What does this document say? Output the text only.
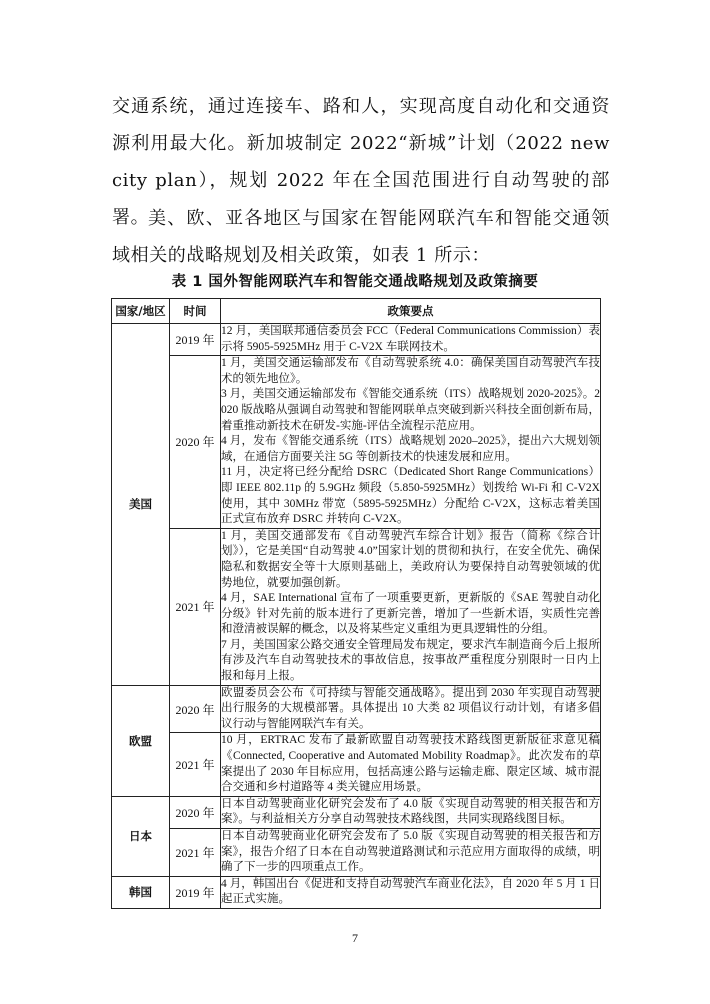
交通系统，通过连接车、路和人，实现高度自动化和交通资源利用最大化。新加坡制定 2022“新城”计划（2022 new city plan），规划 2022 年在全国范围进行自动驾驶的部署。

美、欧、亚各地区与国家在智能网联汽车和智能交通领域相关的战略规划及相关政策，如表 1 所示：

表 1 国外智能网联汽车和智能交通战略规划及政策摘要
国家/地区	时间	政策要点
美国	2019 年	12 月，美国联邦通信委员会 FCC（Federal Communications Commission）表示将 5905-5925MHz 用于 C-V2X 车联网技术。

	2020 年	1 月，美国交通运输部发布《自动驾驶系统 4.0：确保美国自动驾驶汽车技术的领先地位》。
3 月，美国交通运输部发布《智能交通系统（ITS）战略规划 2020-2025》。2020 版战略从强调自动驾驶和智能网联单点突破到新兴科技全面创新布局，着重推动新技术在研发-实施-评估全流程示范应用。
4 月，发布《智能交通系统（ITS）战略规划 2020–2025》，提出六大规划领域，在通信方面要关注 5G 等创新技术的快速发展和应用。
11 月，决定将已经分配给 DSRC（Dedicated Short Range Communications）即 IEEE 802.11p 的 5.9GHz 频段（5.850-5925MHz）划拨给 Wi-Fi 和 C-V2X 使用，其中 30MHz 带宽（5895-5925MHz）分配给 C-V2X，这标志着美国正式宣布放弃 DSRC 并转向 C-V2X。

	2021 年	1 月，美国交通部发布《自动驾驶汽车综合计划》报告（简称《综合计划》），它是美国“自动驾驶 4.0”国家计划的贯彻和执行，在安全优先、确保隐私和数据安全等十大原则基础上，美政府认为要保持自动驾驶领域的优势地位，就要加强创新。
4 月，SAE International 宣布了一项重要更新，更新版的《SAE 驾驶自动化分级》针对先前的版本进行了更新完善，增加了一些新术语，实质性完善和澄清被误解的概念，以及将某些定义重组为更具逻辑性的分组。
7 月，美国国家公路交通安全管理局发布规定，要求汽车制造商今后上报所有涉及汽车自动驾驶技术的事故信息，按事故严重程度分别限时一日内上报和每月上报。

欧盟	2020 年	欧盟委员会公布《可持续与智能交通战略》。提出到 2030 年实现自动驾驶出行服务的大规模部署。具体提出 10 大类 82 项倡议行动计划，有诸多倡议行动与智能网联汽车有关。

	2021 年	10 月，ERTRAC 发布了最新欧盟自动驾驶技术路线图更新版征求意见稿《Connected, Cooperative and Automated Mobility Roadmap》。此次发布的草案提出了 2030 年目标应用，包括高速公路与运输走廊、限定区域、城市混合交通和乡村道路等 4 类关键应用场景。

日本	2020 年	日本自动驾驶商业化研究会发布了 4.0 版《实现自动驾驶的相关报告和方案》。与利益相关方分享自动驾驶技术路线图，共同实现路线图目标。

	2021 年	日本自动驾驶商业化研究会发布了 5.0 版《实现自动驾驶的相关报告和方案》，报告介绍了日本在自动驾驶道路测试和示范应用方面取得的成绩，明确了下一步的四项重点工作。

韩国	2019 年	4 月，韩国出台《促进和支持自动驾驶汽车商业化法》，自 2020 年 5 月 1 日起正式实施。
7
